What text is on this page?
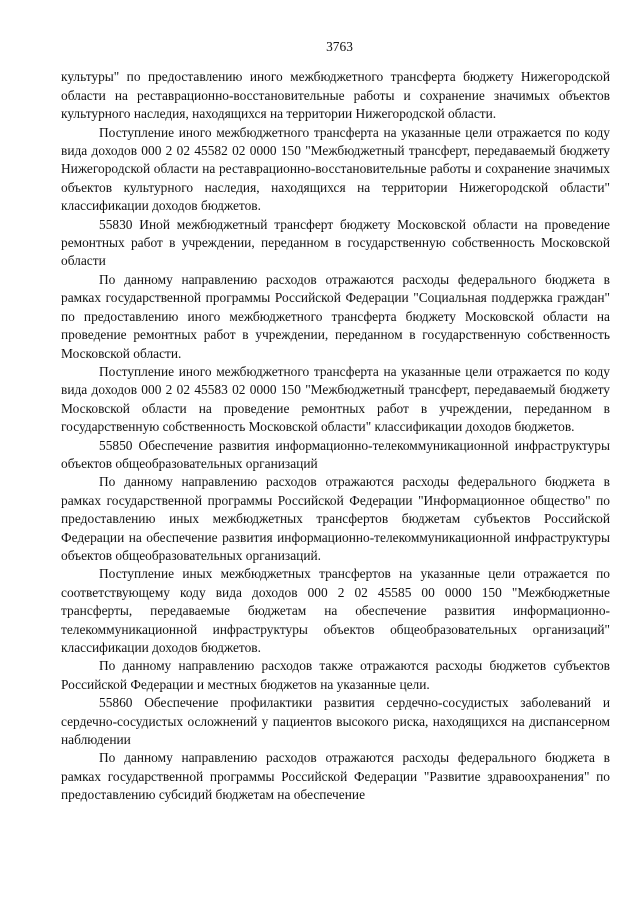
3763

культуры" по предоставлению иного межбюджетного трансферта бюджету Нижегородской области на реставрационно-восстановительные работы и сохранение значимых объектов культурного наследия, находящихся на территории Нижегородской области.

Поступление иного межбюджетного трансферта на указанные цели отражается по коду вида доходов 000 2 02 45582 02 0000 150 "Межбюджетный трансферт, передаваемый бюджету Нижегородской области на реставрационно-восстановительные работы и сохранение значимых объектов культурного наследия, находящихся на территории Нижегородской области" классификации доходов бюджетов.

55830 Иной межбюджетный трансферт бюджету Московской области на проведение ремонтных работ в учреждении, переданном в государственную собственность Московской области

По данному направлению расходов отражаются расходы федерального бюджета в рамках государственной программы Российской Федерации "Социальная поддержка граждан" по предоставлению иного межбюджетного трансферта бюджету Московской области на проведение ремонтных работ в учреждении, переданном в государственную собственность Московской области.

Поступление иного межбюджетного трансферта на указанные цели отражается по коду вида доходов 000 2 02 45583 02 0000 150 "Межбюджетный трансферт, передаваемый бюджету Московской области на проведение ремонтных работ в учреждении, переданном в государственную собственность Московской области" классификации доходов бюджетов.

55850 Обеспечение развития информационно-телекоммуникационной инфраструктуры объектов общеобразовательных организаций

По данному направлению расходов отражаются расходы федерального бюджета в рамках государственной программы Российской Федерации "Информационное общество" по предоставлению иных межбюджетных трансфертов бюджетам субъектов Российской Федерации на обеспечение развития информационно-телекоммуникационной инфраструктуры объектов общеобразовательных организаций.

Поступление иных межбюджетных трансфертов на указанные цели отражается по соответствующему коду вида доходов 000 2 02 45585 00 0000 150 "Межбюджетные трансферты, передаваемые бюджетам на обеспечение развития информационно-телекоммуникационной инфраструктуры объектов общеобразовательных организаций" классификации доходов бюджетов.

По данному направлению расходов также отражаются расходы бюджетов субъектов Российской Федерации и местных бюджетов на указанные цели.

55860 Обеспечение профилактики развития сердечно-сосудистых заболеваний и сердечно-сосудистых осложнений у пациентов высокого риска, находящихся на диспансерном наблюдении

По данному направлению расходов отражаются расходы федерального бюджета в рамках государственной программы Российской Федерации "Развитие здравоохранения" по предоставлению субсидий бюджетам на обеспечение
